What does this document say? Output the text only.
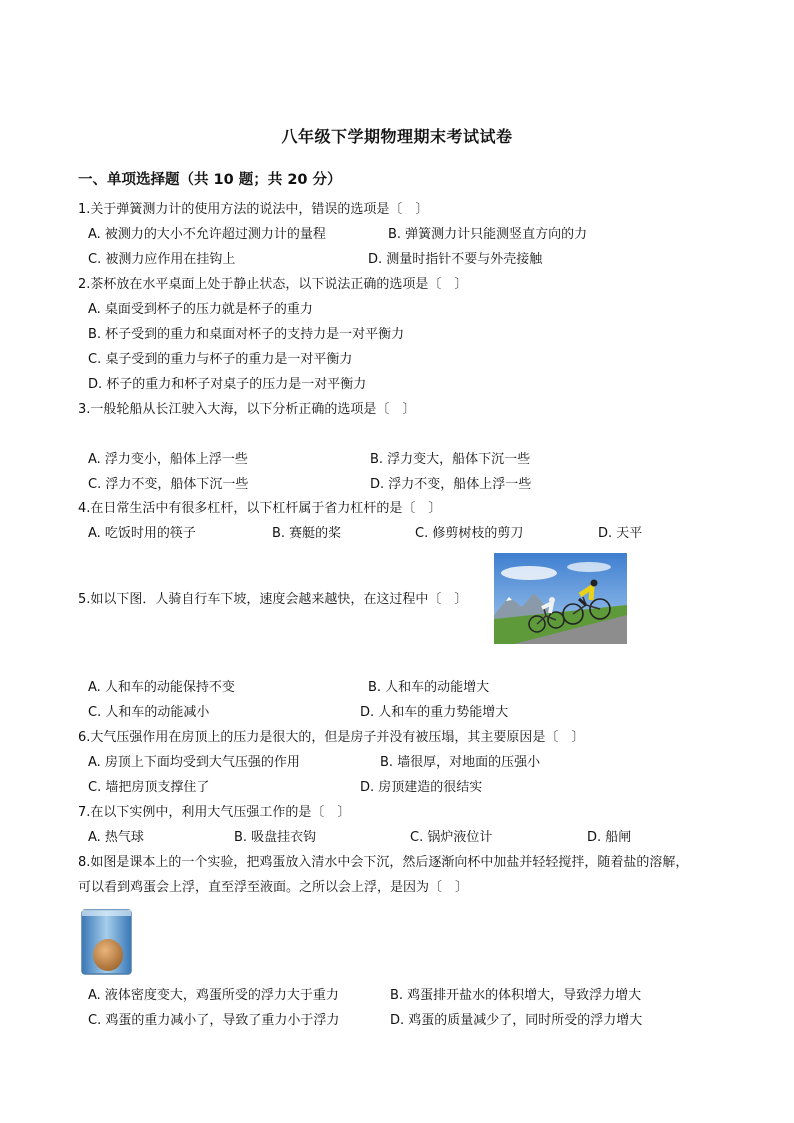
八年级下学期物理期末考试试卷
一、单项选择题（共 10 题；共 20 分）
1.关于弹簧测力计的使用方法的说法中，错误的选项是〔　〕
A. 被测力的大小不允许超过测力计的量程	B. 弹簧测力计只能测竖直方向的力
C. 被测力应作用在挂钩上	D. 测量时指针不要与外壳接触
2.茶杯放在水平桌面上处于静止状态，以下说法正确的选项是〔　〕
A. 桌面受到杯子的压力就是杯子的重力
B. 杯子受到的重力和桌面对杯子的支持力是一对平衡力
C. 桌子受到的重力与杯子的重力是一对平衡力
D. 杯子的重力和杯子对桌子的压力是一对平衡力
3.一般轮船从长江驶入大海，以下分析正确的选项是〔　〕
A. 浮力变小，船体上浮一些	B. 浮力变大，船体下沉一些
C. 浮力不变，船体下沉一些	D. 浮力不变，船体上浮一些
4.在日常生活中有很多杠杆，以下杠杆属于省力杠杆的是〔　〕
A. 吃饭时用的筷子	B. 赛艇的桨	C. 修剪树枝的剪刀	D. 天平
5.如以下图．人骑自行车下坡，速度会越来越快，在这过程中〔　〕
A. 人和车的动能保持不变	B. 人和车的动能增大
C. 人和车的动能减小	D. 人和车的重力势能增大
6.大气压强作用在房顶上的压力是很大的，但是房子并没有被压塌，其主要原因是〔　〕
A. 房顶上下面均受到大气压强的作用	B. 墙很厚，对地面的压强小
C. 墙把房顶支撑住了	D. 房顶建造的很结实
7.在以下实例中，利用大气压强工作的是〔　〕
A. 热气球	B. 吸盘挂衣钩	C. 锅炉液位计	D. 船闸
8.如图是课本上的一个实验，把鸡蛋放入清水中会下沉，然后逐渐向杯中加盐并轻轻搅拌，随着盐的溶解，
可以看到鸡蛋会上浮，直至浮至液面。之所以会上浮，是因为〔　〕
A. 液体密度变大，鸡蛋所受的浮力大于重力	B. 鸡蛋排开盐水的体积增大，导致浮力增大
C. 鸡蛋的重力减小了，导致了重力小于浮力	D. 鸡蛋的质量减少了，同时所受的浮力增大
